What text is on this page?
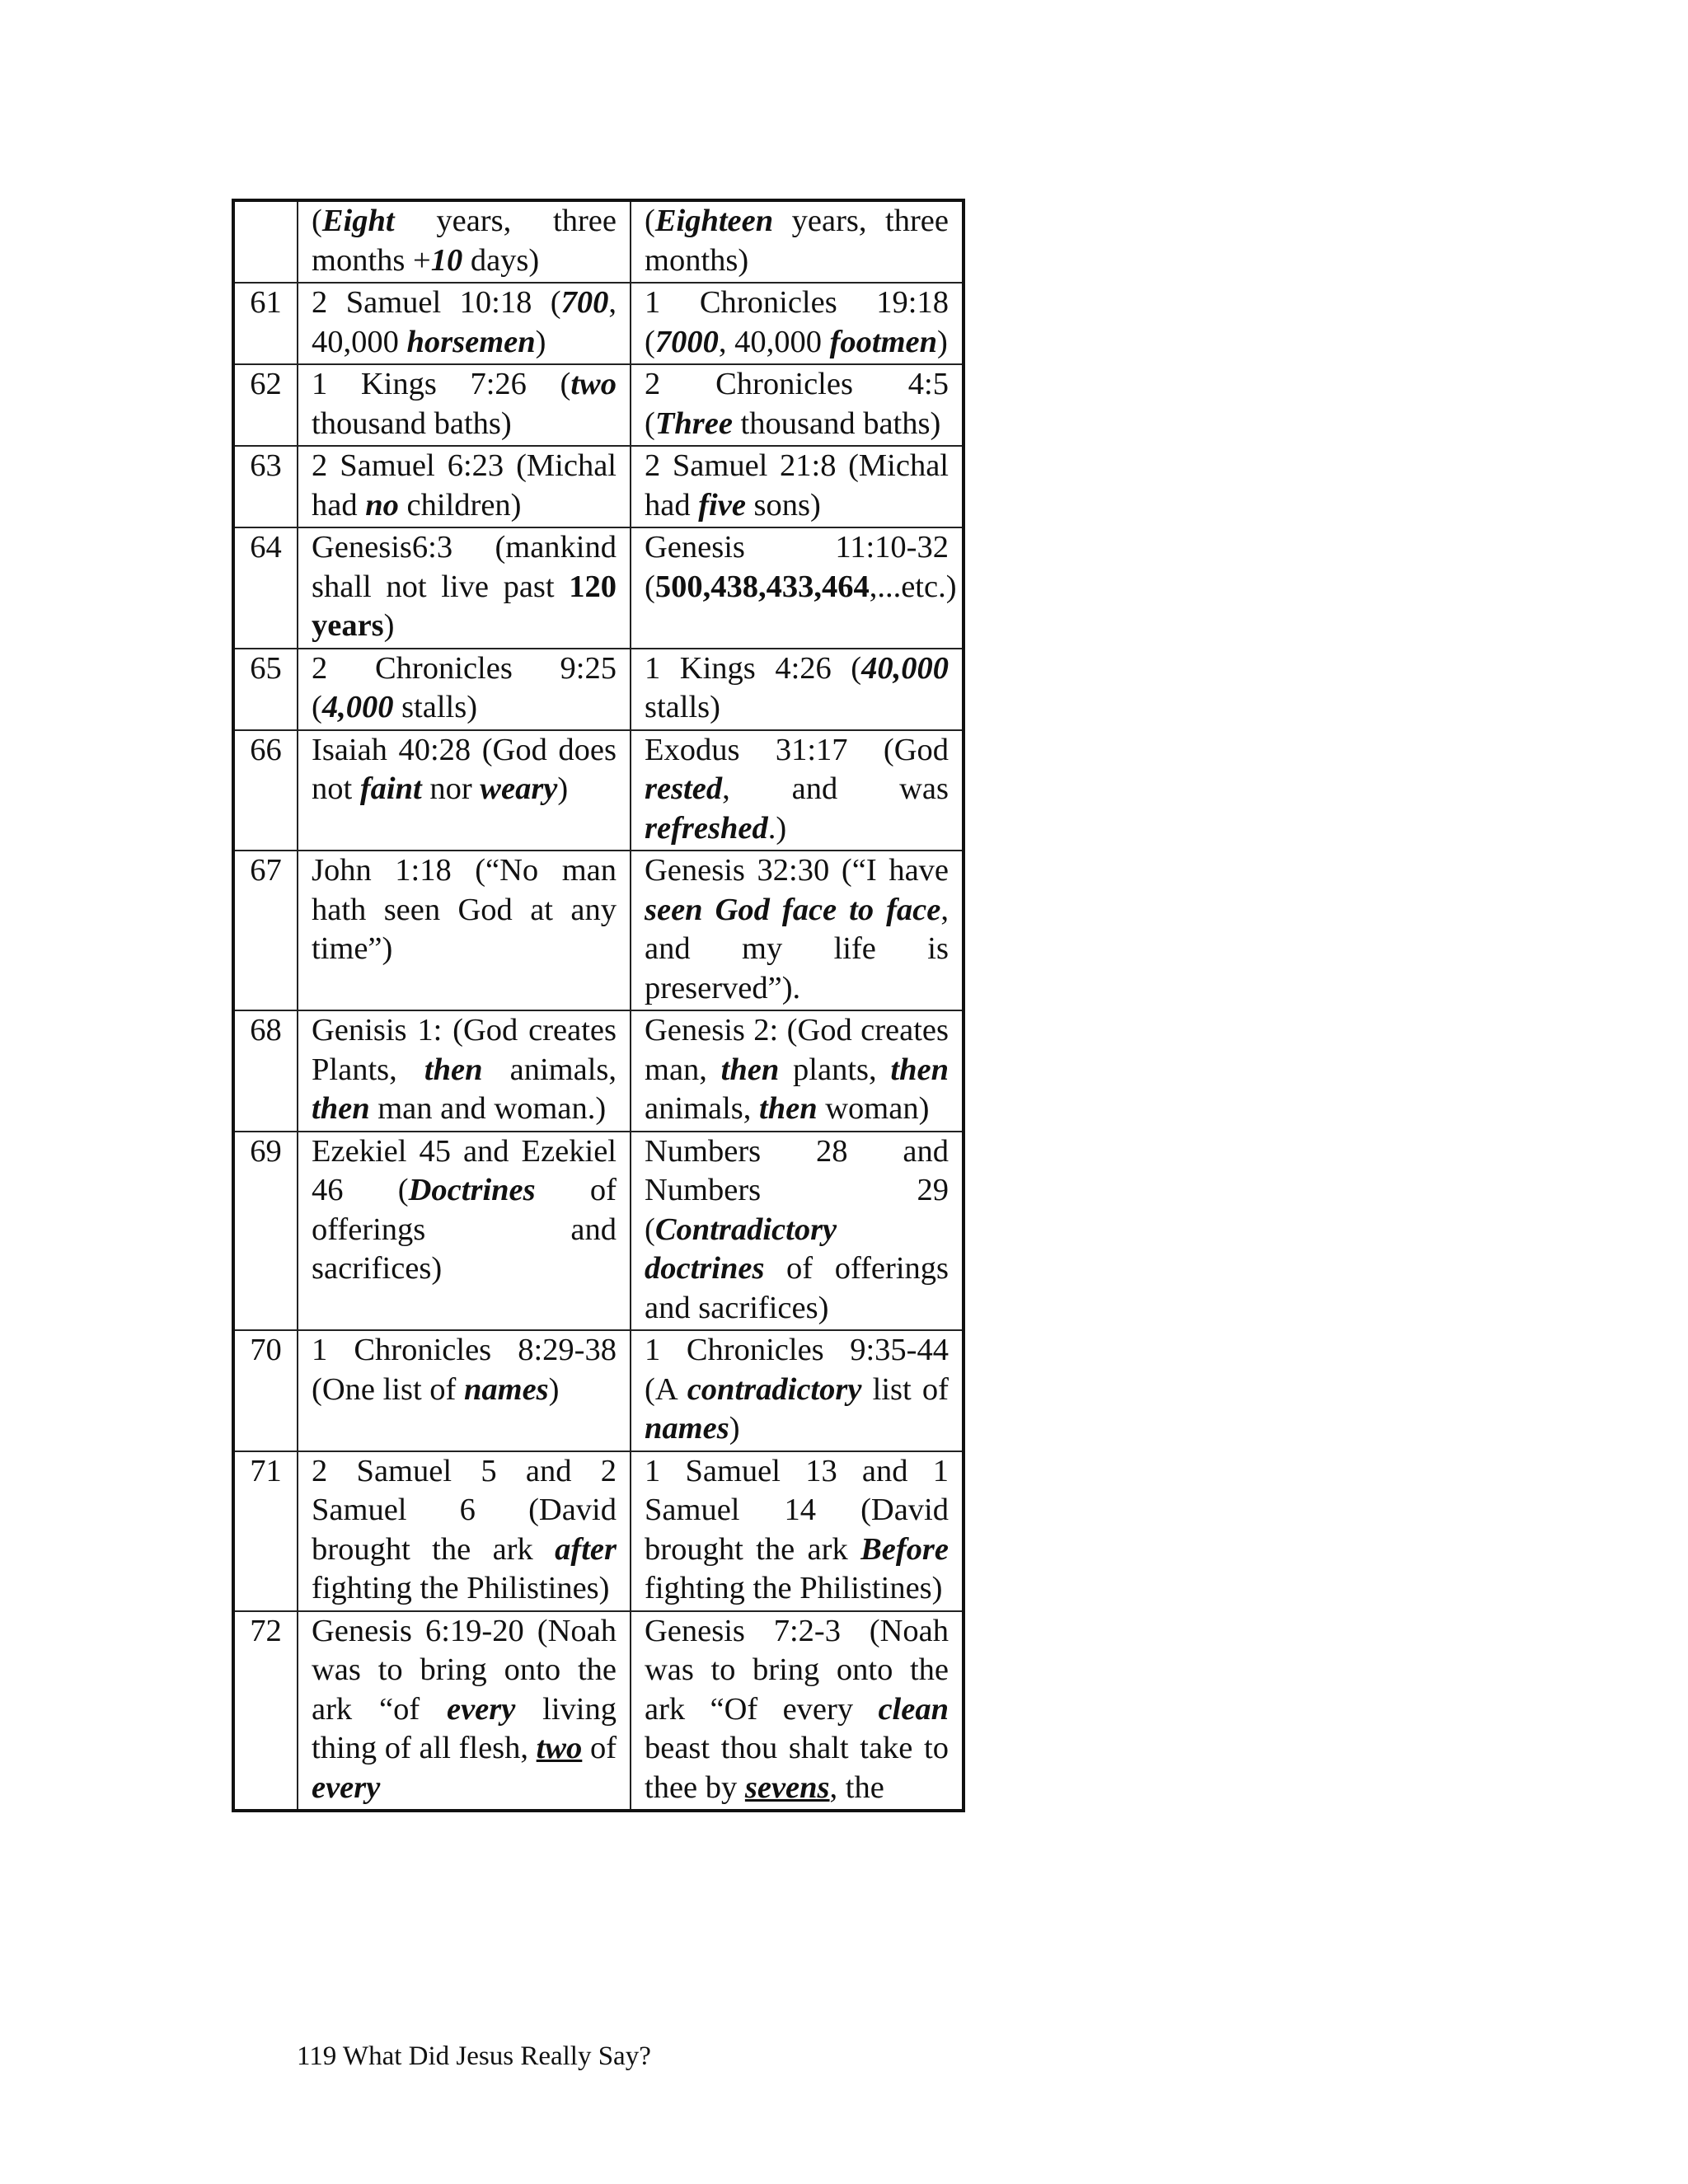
	(Eight years, three months +10 days)	(Eighteen years, three months)
61	2 Samuel 10:18 (700, 40,000 horsemen)	1 Chronicles 19:18 (7000, 40,000 footmen)
62	1 Kings 7:26 (two thousand baths)	2 Chronicles 4:5 (Three thousand baths)
63	2 Samuel 6:23 (Michal had no children)	2 Samuel 21:8 (Michal had five sons)
64	Genesis6:3 (mankind shall not live past 120 years)	Genesis 11:10-32 (500,438,433,464,...etc.)
65	2 Chronicles 9:25 (4,000 stalls)	1 Kings 4:26 (40,000 stalls)
66	Isaiah 40:28 (God does not faint nor weary)	Exodus 31:17 (God rested, and was refreshed.)
67	John 1:18 (“No man hath seen God at any time”)	Genesis 32:30 (“I have seen God face to face, and my life is preserved”).
68	Genisis 1: (God creates Plants, then animals, then man and woman.)	Genesis 2: (God creates man, then plants, then animals, then woman)
69	Ezekiel 45 and Ezekiel 46 (Doctrines of offerings and sacrifices)	Numbers 28 and Numbers 29 (Contradictory doctrines of offerings and sacrifices)
70	1 Chronicles 8:29-38 (One list of names)	1 Chronicles 9:35-44 (A contradictory list of names)
71	2 Samuel 5 and 2 Samuel 6 (David brought the ark after fighting the Philistines)	1 Samuel 13 and 1 Samuel 14 (David brought the ark Before fighting the Philistines)
72	Genesis 6:19-20 (Noah was to bring onto the ark “of every living thing of all flesh, two of every	Genesis 7:2-3 (Noah was to bring onto the ark “Of every clean beast thou shalt take to thee by sevens, the
119 What Did Jesus Really Say?
